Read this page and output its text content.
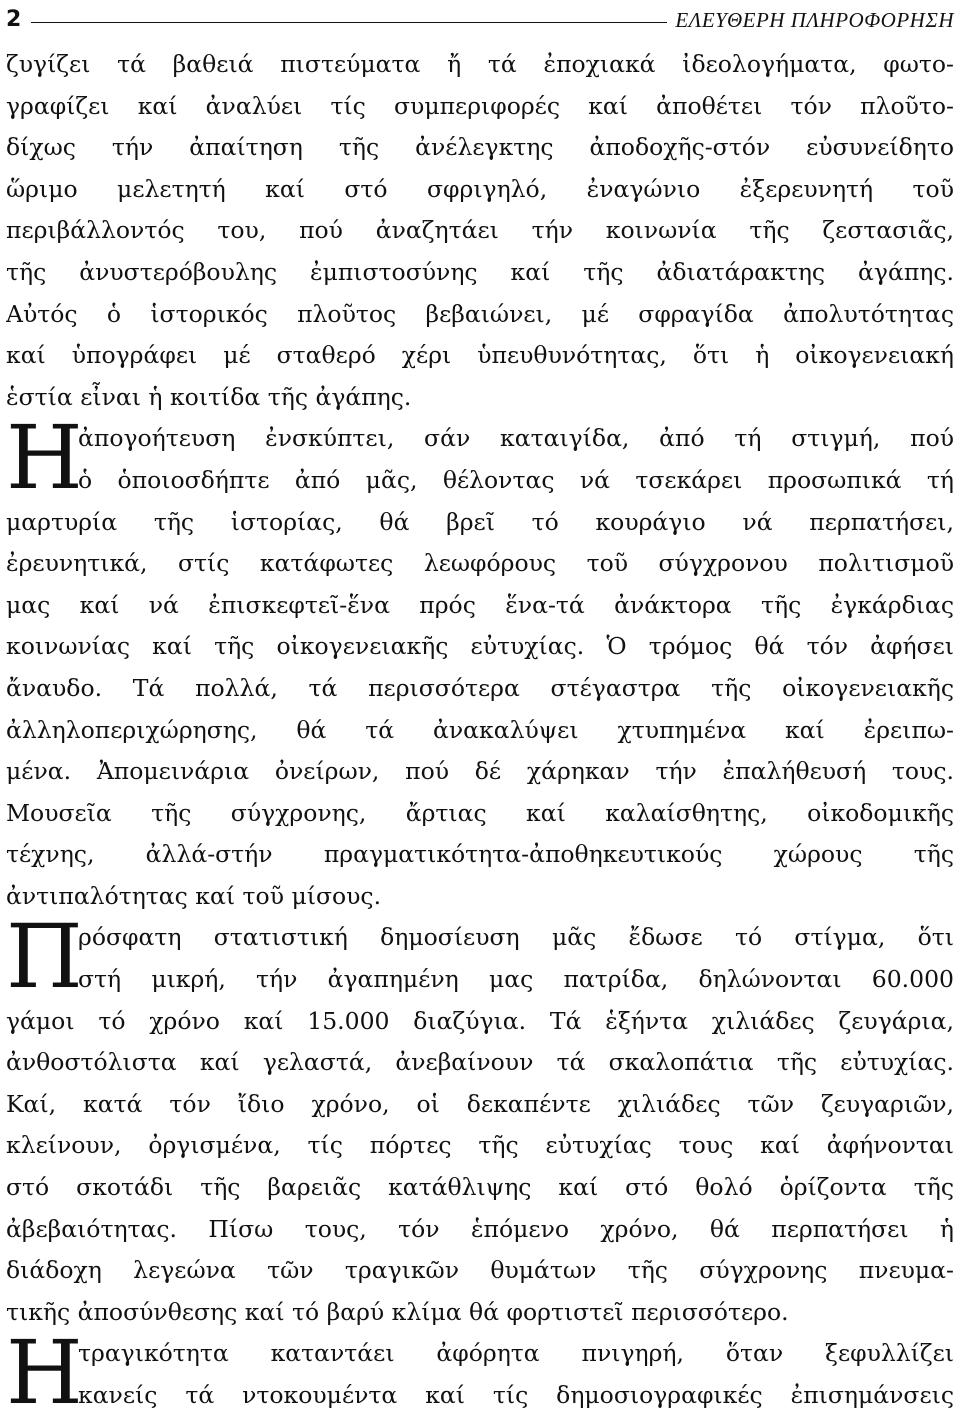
2	ΕΛΕΥΘΕΡΗ ΠΛΗΡΟΦΟΡΗΣΗ
ζυγίζει τά βαθειά πιστεύματα ἤ τά ἐποχιακά ἰδεολογήματα, φωτο-
γραφίζει καί ἀναλύει τίς συμπεριφορές καί ἀποθέτει τόν πλοῦτο-
δίχως τήν ἀπαίτηση τῆς ἀνέλεγκτης ἀποδοχῆς-στόν εὐσυνείδητο
ὥριμο μελετητή καί στό σφριγηλό, ἐναγώνιο ἐξερευνητή τοῦ
περιβάλλοντός του, πού ἀναζητάει τήν κοινωνία τῆς ζεστασιᾶς,
τῆς ἀνυστερόβουλης ἐμπιστοσύνης καί τῆς ἀδιατάρακτης ἀγάπης.
Αὐτός ὁ ἱστορικός πλοῦτος βεβαιώνει, μέ σφραγίδα ἀπολυτότητας
καί ὑπογράφει μέ σταθερό χέρι ὑπευθυνότητας, ὅτι ἡ οἰκογενειακή
ἑστία εἶναι ἡ κοιτίδα τῆς ἀγάπης.
Η
ἀπογοήτευση ἐνσκύπτει, σάν καταιγίδα, ἀπό τή στιγμή, πού
ὁ ὁποιοσδήπτε ἀπό μᾶς, θέλοντας νά τσεκάρει προσωπικά τή
μαρτυρία τῆς ἱστορίας, θά βρεῖ τό κουράγιο νά περπατήσει,
ἐρευνητικά, στίς κατάφωτες λεωφόρους τοῦ σύγχρονου πολιτισμοῦ
μας καί νά ἐπισκεφτεῖ-ἕνα πρός ἕνα-τά ἀνάκτορα τῆς ἐγκάρδιας
κοινωνίας καί τῆς οἰκογενειακῆς εὐτυχίας. Ὁ τρόμος θά τόν ἀφήσει
ἄναυδο. Τά πολλά, τά περισσότερα στέγαστρα τῆς οἰκογενειακῆς
ἀλληλοπεριχώρησης, θά τά ἀνακαλύψει χτυπημένα καί ἐρειπω-
μένα. Ἀπομεινάρια ὀνείρων, πού δέ χάρηκαν τήν ἐπαλήθευσή τους.
Μουσεῖα τῆς σύγχρονης, ἄρτιας καί καλαίσθητης, οἰκοδομικῆς
τέχνης, ἀλλά-στήν πραγματικότητα-ἀποθηκευτικούς χώρους τῆς
ἀντιπαλότητας καί τοῦ μίσους.
Π
ρόσφατη στατιστική δημοσίευση μᾶς ἔδωσε τό στίγμα, ὅτι
στή μικρή, τήν ἀγαπημένη μας πατρίδα, δηλώνονται 60.000
γάμοι τό χρόνο καί 15.000 διαζύγια. Τά ἑξήντα χιλιάδες ζευγάρια,
ἀνθοστόλιστα καί γελαστά, ἀνεβαίνουν τά σκαλοπάτια τῆς εὐτυχίας.
Καί, κατά τόν ἴδιο χρόνο, οἱ δεκαπέντε χιλιάδες τῶν ζευγαριῶν,
κλείνουν, ὀργισμένα, τίς πόρτες τῆς εὐτυχίας τους καί ἀφήνονται
στό σκοτάδι τῆς βαρειᾶς κατάθλιψης καί στό θολό ὁρίζοντα τῆς
ἀβεβαιότητας. Πίσω τους, τόν ἑπόμενο χρόνο, θά περπατήσει ἡ
διάδοχη λεγεώνα τῶν τραγικῶν θυμάτων τῆς σύγχρονης πνευμα-
τικῆς ἀποσύνθεσης καί τό βαρύ κλίμα θά φορτιστεῖ περισσότερο.
Η
τραγικότητα καταντάει ἀφόρητα πνιγηρή, ὅταν ξεφυλλίζει
κανείς τά ντοκουμέντα καί τίς δημοσιογραφικές ἐπισημάνσεις
